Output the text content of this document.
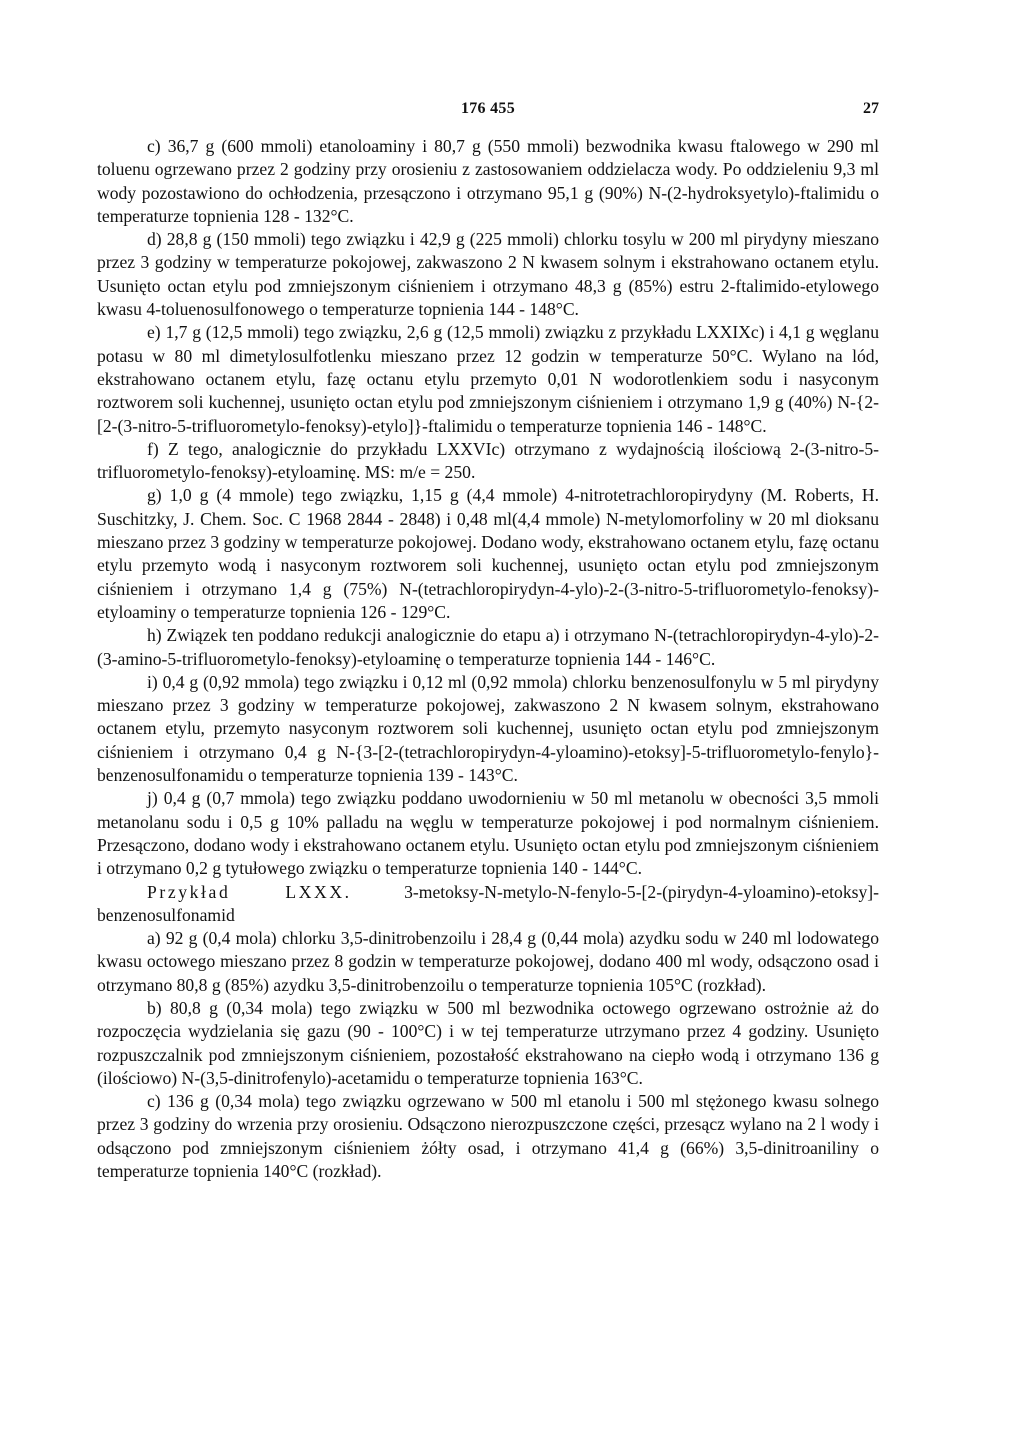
176 455	27

c) 36,7 g (600 mmoli) etanoloaminy i 80,7 g (550 mmoli) bezwodnika kwasu ftalowego w 290 ml toluenu ogrzewano przez 2 godziny przy orosieniu z zastosowaniem oddzielacza wody. Po oddzieleniu 9,3 ml wody pozostawiono do ochłodzenia, przesączono i otrzymano 95,1 g (90%) N-(2-hydroksyetylo)-ftalimidu o temperaturze topnienia 128 - 132°C.

d) 28,8 g (150 mmoli) tego związku i 42,9 g (225 mmoli) chlorku tosylu w 200 ml pirydyny mieszano przez 3 godziny w temperaturze pokojowej, zakwaszono 2 N kwasem solnym i ekstrahowano octanem etylu. Usunięto octan etylu pod zmniejszonym ciśnieniem i otrzymano 48,3 g (85%) estru 2-ftalimido-etylowego kwasu 4-toluenosulfonowego o temperaturze topnienia 144 - 148°C.

e) 1,7 g (12,5 mmoli) tego związku, 2,6 g (12,5 mmoli) związku z przykładu LXXIXc) i 4,1 g węglanu potasu w 80 ml dimetylosulfotlenku mieszano przez 12 godzin w temperaturze 50°C. Wylano na lód, ekstrahowano octanem etylu, fazę octanu etylu przemyto 0,01 N wodorotlenkiem sodu i nasyconym roztworem soli kuchennej, usunięto octan etylu pod zmniejszonym ciśnieniem i otrzymano 1,9 g (40%) N-{2-[2-(3-nitro-5-trifluorometylo-fenoksy)-etylo]}-ftalimidu o temperaturze topnienia 146 - 148°C.

f) Z tego, analogicznie do przykładu LXXVIc) otrzymano z wydajnością ilościową 2-(3-nitro-5-trifluorometylo-fenoksy)-etyloaminę. MS: m/e = 250.

g) 1,0 g (4 mmole) tego związku, 1,15 g (4,4 mmole) 4-nitrotetrachloropirydyny (M. Roberts, H. Suschitzky, J. Chem. Soc. C 1968 2844 - 2848) i 0,48 ml(4,4 mmole) N-metylomorfoliny w 20 ml dioksanu mieszano przez 3 godziny w temperaturze pokojowej. Dodano wody, ekstrahowano octanem etylu, fazę octanu etylu przemyto wodą i nasyconym roztworem soli kuchennej, usunięto octan etylu pod zmniejszonym ciśnieniem i otrzymano 1,4 g (75%) N-(tetrachloropirydyn-4-ylo)-2-(3-nitro-5-trifluorometylo-fenoksy)-etyloaminy o temperaturze topnienia 126 - 129°C.

h) Związek ten poddano redukcji analogicznie do etapu a) i otrzymano N-(tetrachloropirydyn-4-ylo)-2-(3-amino-5-trifluorometylo-fenoksy)-etyloaminę o temperaturze topnienia 144 - 146°C.

i) 0,4 g (0,92 mmola) tego związku i 0,12 ml (0,92 mmola) chlorku benzenosulfonylu w 5 ml pirydyny mieszano przez 3 godziny w temperaturze pokojowej, zakwaszono 2 N kwasem solnym, ekstrahowano octanem etylu, przemyto nasyconym roztworem soli kuchennej, usunięto octan etylu pod zmniejszonym ciśnieniem i otrzymano 0,4 g N-{3-[2-(tetrachloropirydyn-4-yloamino)-etoksy]-5-trifluorometylo-fenylo}-benzenosulfonamidu o temperaturze topnienia 139 - 143°C.

j) 0,4 g (0,7 mmola) tego związku poddano uwodornieniu w 50 ml metanolu w obecności 3,5 mmoli metanolanu sodu i 0,5 g 10% palladu na węglu w temperaturze pokojowej i pod normalnym ciśnieniem. Przesączono, dodano wody i ekstrahowano octanem etylu. Usunięto octan etylu pod zmniejszonym ciśnieniem i otrzymano 0,2 g tytułowego związku o temperaturze topnienia 140 - 144°C.

Przykład LXXX. 3-metoksy-N-metylo-N-fenylo-5-[2-(pirydyn-4-yloamino)-etoksy]-benzenosulfonamid

a) 92 g (0,4 mola) chlorku 3,5-dinitrobenzoilu i 28,4 g (0,44 mola) azydku sodu w 240 ml lodowatego kwasu octowego mieszano przez 8 godzin w temperaturze pokojowej, dodano 400 ml wody, odsączono osad i otrzymano 80,8 g (85%) azydku 3,5-dinitrobenzoilu o temperaturze topnienia 105°C (rozkład).

b) 80,8 g (0,34 mola) tego związku w 500 ml bezwodnika octowego ogrzewano ostrożnie aż do rozpoczęcia wydzielania się gazu (90 - 100°C) i w tej temperaturze utrzymano przez 4 godziny. Usunięto rozpuszczalnik pod zmniejszonym ciśnieniem, pozostałość ekstrahowano na ciepło wodą i otrzymano 136 g (ilościowo) N-(3,5-dinitrofenylo)-acetamidu o temperaturze topnienia 163°C.

c) 136 g (0,34 mola) tego związku ogrzewano w 500 ml etanolu i 500 ml stężonego kwasu solnego przez 3 godziny do wrzenia przy orosieniu. Odsączono nierozpuszczone części, przesącz wylano na 2 l wody i odsączono pod zmniejszonym ciśnieniem żółty osad, i otrzymano 41,4 g (66%) 3,5-dinitroaniliny o temperaturze topnienia 140°C (rozkład).
